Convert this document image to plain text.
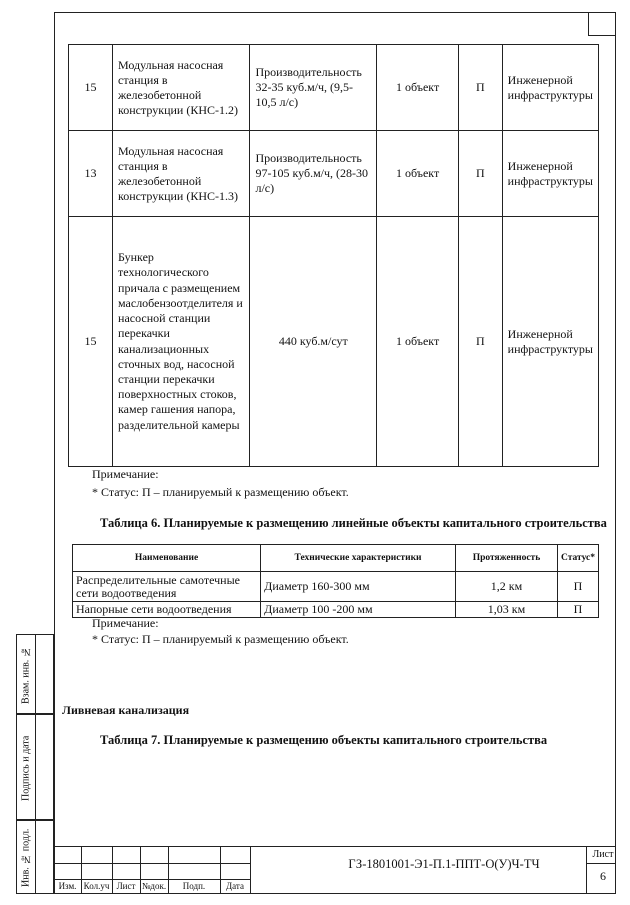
15	Модульная насосная станция в железобетонной конструкции (КНС-1.2)	Производительность 32-35 куб.м/ч, (9,5-10,5 л/с)	1 объект	П	Инженерной инфраструктуры
13	Модульная насосная станция в железобетонной конструкции (КНС-1.3)	Производительность 97-105 куб.м/ч, (28-30 л/с)	1 объект	П	Инженерной инфраструктуры
15	Бункер технологического причала с размещением маслобензоотделителя и насосной станции перекачки канализационных сточных вод, насосной станции перекачки поверхностных стоков, камер гашения напора, разделительной камеры	440 куб.м/сут	1 объект	П	Инженерной инфраструктуры
Примечание:
* Статус: П – планируемый к размещению объект.
Таблица 6. Планируемые к размещению линейные объекты капитального строительства
Наименование	Технические характеристики	Протяженность	Статус*
Распределительные самотечные сети водоотведения	Диаметр 160-300 мм	1,2 км	П
Напорные сети водоотведения	Диаметр 100 -200 мм	1,03 км	П
Примечание:
* Статус: П – планируемый к размещению объект.
Ливневая канализация
Таблица 7. Планируемые к размещению объекты капитального строительства
Взам. инв. №
Подпись и дата
Инв. № подл.	Изм. Кол.уч Лист №док.	Подп.	Дата
ГЗ-1801001-Э1-П.1-ППТ-О(У)Ч-ТЧ
Лист
6
